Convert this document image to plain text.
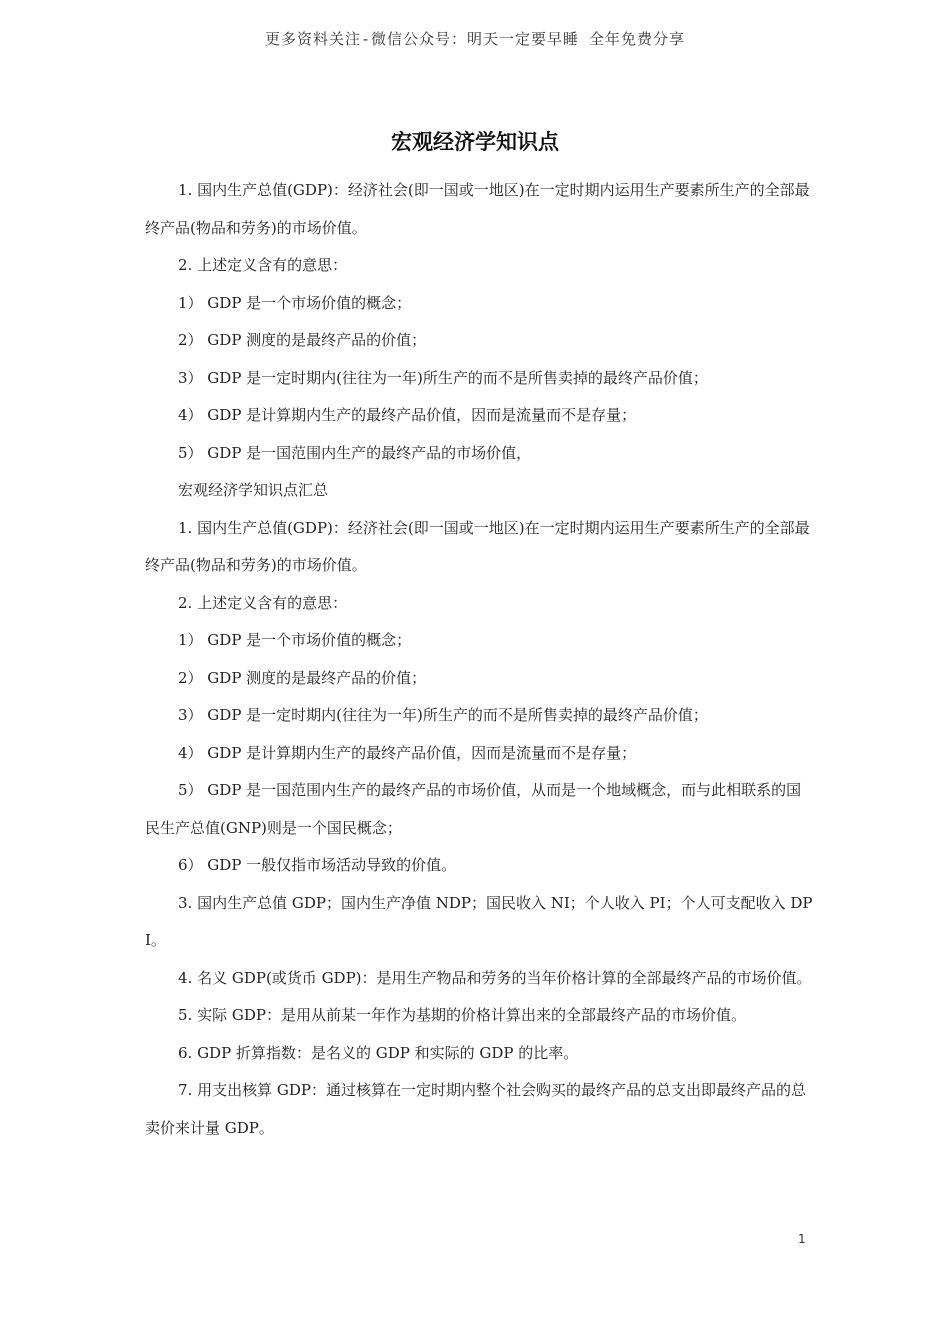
更多资料关注-微信公众号：明天一定要早睡 全年免费分享
宏观经济学知识点

1. 国内生产总值(GDP)：经济社会(即一国或一地区)在一定时期内运用生产要素所生产的全部最终产品(物品和劳务)的市场价值。

2. 上述定义含有的意思：

1） GDP 是一个市场价值的概念；

2） GDP 测度的是最终产品的价值；

3） GDP 是一定时期内(往往为一年)所生产的而不是所售卖掉的最终产品价值；

4） GDP 是计算期内生产的最终产品价值，因而是流量而不是存量；

5） GDP 是一国范围内生产的最终产品的市场价值，

宏观经济学知识点汇总

1. 国内生产总值(GDP)：经济社会(即一国或一地区)在一定时期内运用生产要素所生产的全部最终产品(物品和劳务)的市场价值。

2. 上述定义含有的意思：

1） GDP 是一个市场价值的概念；

2） GDP 测度的是最终产品的价值；

3） GDP 是一定时期内(往往为一年)所生产的而不是所售卖掉的最终产品价值；

4） GDP 是计算期内生产的最终产品价值，因而是流量而不是存量；

5） GDP 是一国范围内生产的最终产品的市场价值，从而是一个地域概念，而与此相联系的国民生产总值(GNP)则是一个国民概念；

6） GDP 一般仅指市场活动导致的价值。

3. 国内生产总值 GDP；国内生产净值 NDP；国民收入 NI；个人收入 PI；个人可支配收入 DPI。

4. 名义 GDP(或货币 GDP)：是用生产物品和劳务的当年价格计算的全部最终产品的市场价值。

5. 实际 GDP：是用从前某一年作为基期的价格计算出来的全部最终产品的市场价值。

6. GDP 折算指数：是名义的 GDP 和实际的 GDP 的比率。

7. 用支出核算 GDP：通过核算在一定时期内整个社会购买的最终产品的总支出即最终产品的总卖价来计量 GDP。

1
